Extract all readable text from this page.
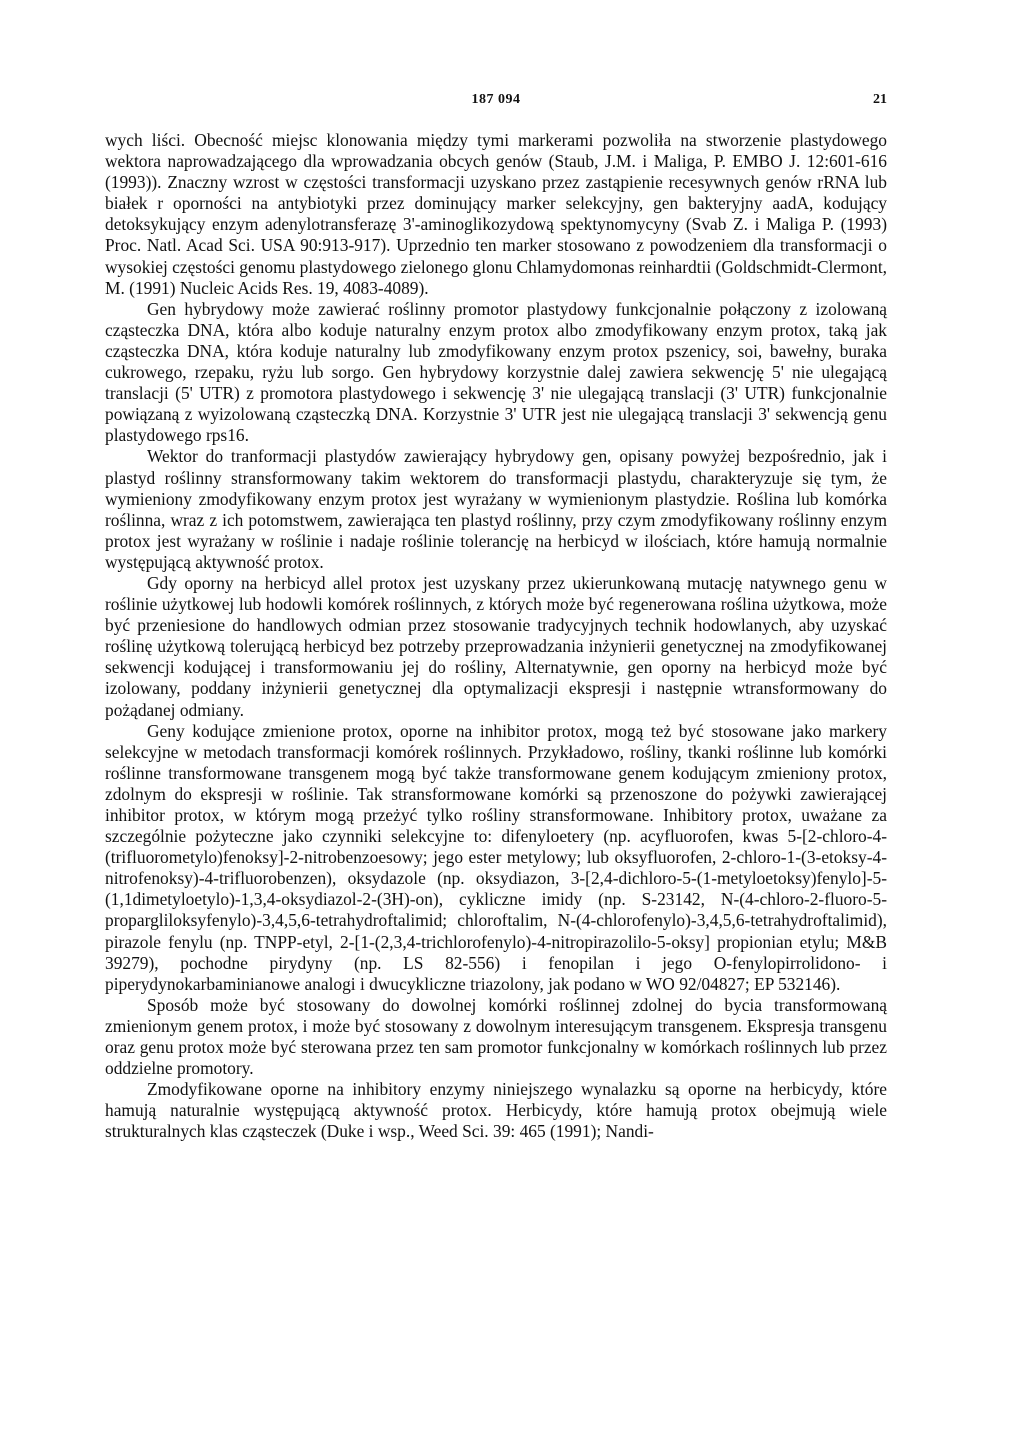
187 094	21

wych liści. Obecność miejsc klonowania między tymi markerami pozwoliła na stworzenie plastydowego wektora naprowadzającego dla wprowadzania obcych genów (Staub, J.M. i Maliga, P. EMBO J. 12:601-616 (1993)). Znaczny wzrost w częstości transformacji uzyskano przez zastąpienie recesywnych genów rRNA lub białek r oporności na antybiotyki przez dominujący marker selekcyjny, gen bakteryjny aadA, kodujący detoksykujący enzym adenylotransferazę 3'-aminoglikozydową spektynomycyny (Svab Z. i Maliga P. (1993) Proc. Natl. Acad Sci. USA 90:913-917). Uprzednio ten marker stosowano z powodzeniem dla transformacji o wysokiej częstości genomu plastydowego zielonego glonu Chlamydomonas reinhardtii (Goldschmidt-Clermont, M. (1991) Nucleic Acids Res. 19, 4083-4089).

Gen hybrydowy może zawierać roślinny promotor plastydowy funkcjonalnie połączony z izolowaną cząsteczka DNA, która albo koduje naturalny enzym protox albo zmodyfikowany enzym protox, taką jak cząsteczka DNA, która koduje naturalny lub zmodyfikowany enzym protox pszenicy, soi, bawełny, buraka cukrowego, rzepaku, ryżu lub sorgo. Gen hybrydowy korzystnie dalej zawiera sekwencję 5' nie ulegającą translacji (5' UTR) z promotora plastydowego i sekwencję 3' nie ulegającą translacji (3' UTR) funkcjonalnie powiązaną z wyizolowaną cząsteczką DNA. Korzystnie 3' UTR jest nie ulegającą translacji 3' sekwencją genu plastydowego rps16.

Wektor do tranformacji plastydów zawierający hybrydowy gen, opisany powyżej bezpośrednio, jak i plastyd roślinny stransformowany takim wektorem do transformacji plastydu, charakteryzuje się tym, że wymieniony zmodyfikowany enzym protox jest wyrażany w wymienionym plastydzie. Roślina lub komórka roślinna, wraz z ich potomstwem, zawierająca ten plastyd roślinny, przy czym zmodyfikowany roślinny enzym protox jest wyrażany w roślinie i nadaje roślinie tolerancję na herbicyd w ilościach, które hamują normalnie występującą aktywność protox.

Gdy oporny na herbicyd allel protox jest uzyskany przez ukierunkowaną mutację natywnego genu w roślinie użytkowej lub hodowli komórek roślinnych, z których może być regenerowana roślina użytkowa, może być przeniesione do handlowych odmian przez stosowanie tradycyjnych technik hodowlanych, aby uzyskać roślinę użytkową tolerującą herbicyd bez potrzeby przeprowadzania inżynierii genetycznej na zmodyfikowanej sekwencji kodującej i transformowaniu jej do rośliny, Alternatywnie, gen oporny na herbicyd może być izolowany, poddany inżynierii genetycznej dla optymalizacji ekspresji i następnie wtransformowany do pożądanej odmiany.

Geny kodujące zmienione protox, oporne na inhibitor protox, mogą też być stosowane jako markery selekcyjne w metodach transformacji komórek roślinnych. Przykładowo, rośliny, tkanki roślinne lub komórki roślinne transformowane transgenem mogą być także transformowane genem kodującym zmieniony protox, zdolnym do ekspresji w roślinie. Tak stransformowane komórki są przenoszone do pożywki zawierającej inhibitor protox, w którym mogą przeżyć tylko rośliny stransformowane. Inhibitory protox, uważane za szczególnie pożyteczne jako czynniki selekcyjne to: difenyloetery (np. acyfluorofen, kwas 5-[2-chloro-4-(trifluorometylo)fenoksy]-2-nitrobenzoesowy; jego ester metylowy; lub oksyfluorofen, 2-chloro-1-(3-etoksy-4-nitrofenoksy)-4-trifluorobenzen), oksydazole (np. oksydiazon, 3-[2,4-dichloro-5-(1-metyloetoksy)fenylo]-5-(1,1dimetyloetylo)-1,3,4-oksydiazol-2-(3H)-on), cykliczne imidy (np. S-23142, N-(4-chloro-2-fluoro-5-propargliloksyfenylo)-3,4,5,6-tetrahydroftalimid; chloroftalim, N-(4-chlorofenylo)-3,4,5,6-tetrahydroftalimid), pirazole fenylu (np. TNPP-etyl, 2-[1-(2,3,4-trichlorofenylo)-4-nitropirazolilo-5-oksy] propionian etylu; M&B 39279), pochodne pirydyny (np. LS 82-556) i fenopilan i jego O-fenylopirrolidono- i piperydynokarbaminianowe analogi i dwucykliczne triazolony, jak podano w WO 92/04827; EP 532146).

Sposób może być stosowany do dowolnej komórki roślinnej zdolnej do bycia transformowaną zmienionym genem protox, i może być stosowany z dowolnym interesującym transgenem. Ekspresja transgenu oraz genu protox może być sterowana przez ten sam promotor funkcjonalny w komórkach roślinnych lub przez oddzielne promotory.

Zmodyfikowane oporne na inhibitory enzymy niniejszego wynalazku są oporne na herbicydy, które hamują naturalnie występującą aktywność protox. Herbicydy, które hamują protox obejmują wiele strukturalnych klas cząsteczek (Duke i wsp., Weed Sci. 39: 465 (1991); Nandi-
